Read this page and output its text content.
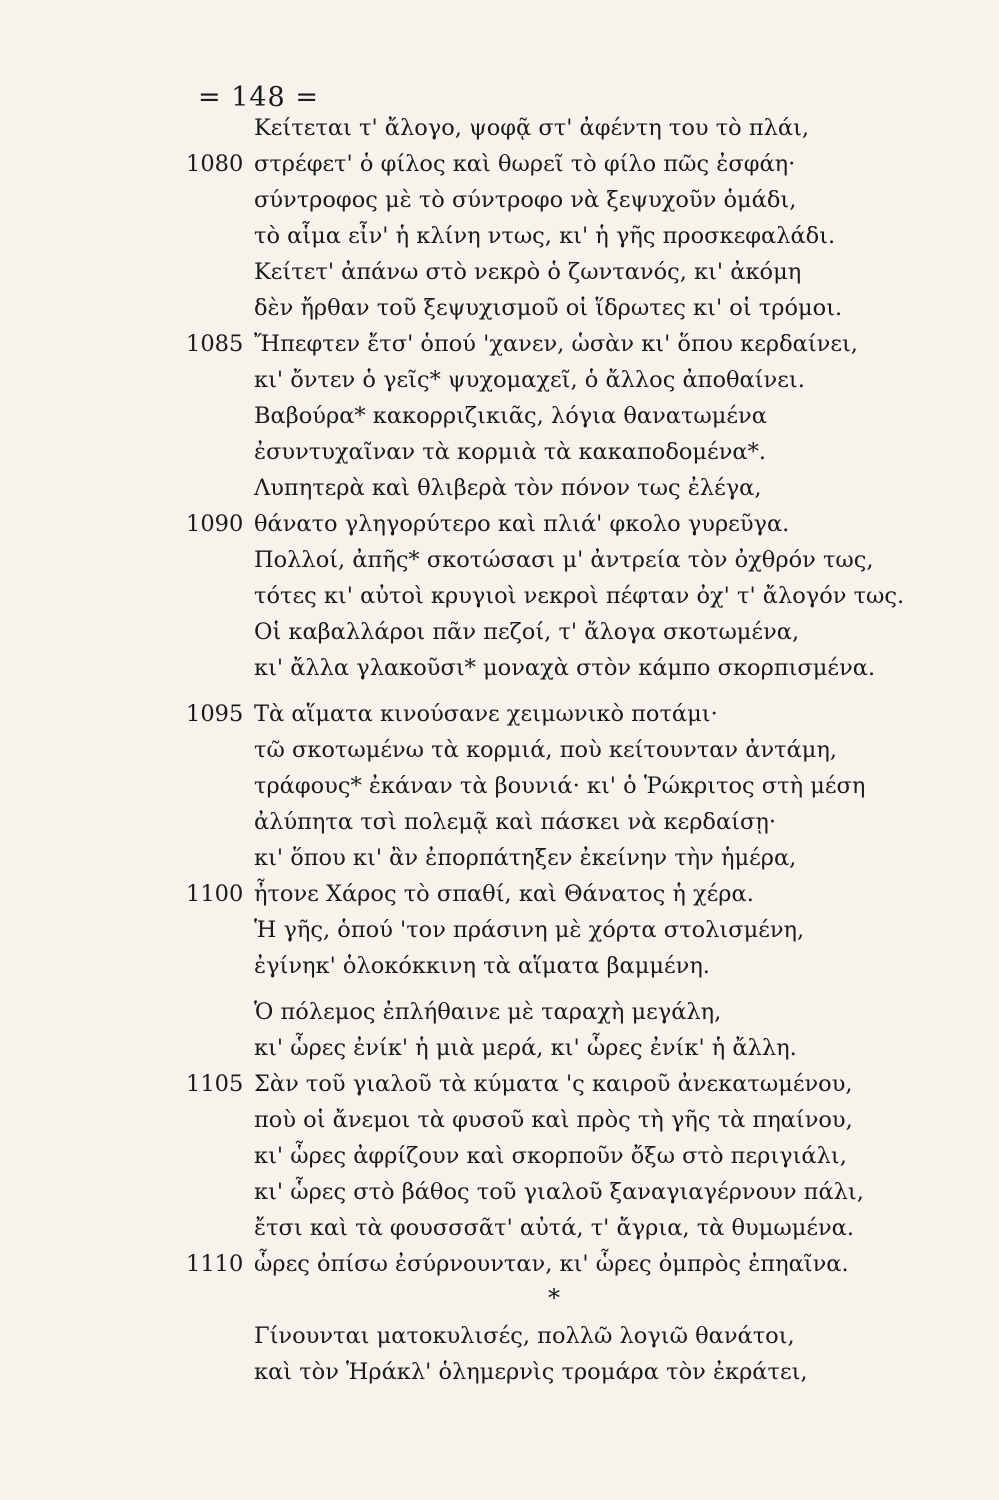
= 148 =
Κείτεται τ' ἄλογο, ψοφᾷ στ' ἀφέντη του τὸ πλάι,
1080 στρέφετ' ὁ φίλος καὶ θωρεῖ τὸ φίλο πῶς ἐσφάη·
σύντροφος μὲ τὸ σύντροφο νὰ ξεψυχοῦν ὁμάδι,
τὸ αἷμα εἶν' ἡ κλίνη ντως, κι' ἡ γῆς προσκεφαλάδι.
Κείτετ' ἀπάνω στὸ νεκρὸ ὁ ζωντανός, κι' ἀκόμη
δὲν ἤρθαν τοῦ ξεψυχισμοῦ οἱ ἵδρωτες κι' οἱ τρόμοι.
1085 Ἤπεφτεν ἔτσ' ὁπού 'χανεν, ὡσὰν κι' ὅπου κερδαίνει,
κι' ὄντεν ὁ γεῖς* ψυχομαχεῖ, ὁ ἄλλος ἀποθαίνει.
Βαβούρα* κακορριζικιᾶς, λόγια θανατωμένα
ἐσυντυχαῖναν τὰ κορμιὰ τὰ κακαποδομένα*.
Λυπητερὰ καὶ θλιβερὰ τὸν πόνον τως ἐλέγα,
1090 θάνατο γληγορύτερο καὶ πλιά' φκολο γυρεῦγα.
Πολλοί, ἀπῆς* σκοτώσασι μ' ἀντρεία τὸν ὀχθρόν τως,
τότες κι' αὐτοὶ κρυγιοὶ νεκροὶ πέφταν ὀχ' τ' ἄλογόν τως.
Οἱ καβαλλάροι πᾶν πεζοί, τ' ἄλογα σκοτωμένα,
κι' ἄλλα γλακοῦσι* μοναχὰ στὸν κάμπο σκορπισμένα.
1095 Τὰ αἵματα κινούσανε χειμωνικὸ ποτάμι·
τῶ σκοτωμένω τὰ κορμιά, ποὺ κείτουνταν ἀντάμη,
τράφους* ἐκάναν τὰ βουνιά· κι' ὁ Ῥώκριτος στὴ μέση
ἀλύπητα τσὶ πολεμᾷ καὶ πάσκει νὰ κερδαίσῃ·
κι' ὅπου κι' ἂν ἐπορπάτηξεν ἐκείνην τὴν ἡμέρα,
1100 ἦτονε Χάρος τὸ σπαθί, καὶ Θάνατος ἡ χέρα.
Ἡ γῆς, ὁπού 'τον πράσινη μὲ χόρτα στολισμένη,
ἐγίνηκ' ὁλοκόκκινη τὰ αἵματα βαμμένη.
Ὁ πόλεμος ἐπλήθαινε μὲ ταραχὴ μεγάλη,
κι' ὧρες ἐνίκ' ἡ μιὰ μερά, κι' ὧρες ἐνίκ' ἡ ἄλλη.
1105 Σὰν τοῦ γιαλοῦ τὰ κύματα 'ς καιροῦ ἀνεκατωμένου,
ποὺ οἱ ἄνεμοι τὰ φυσοῦ καὶ πρὸς τὴ γῆς τὰ πηαίνου,
κι' ὧρες ἀφρίζουν καὶ σκορποῦν ὄξω στὸ περιγιάλι,
κι' ὧρες στὸ βάθος τοῦ γιαλοῦ ξαναγιαγέρνουν πάλι,
ἔτσι καὶ τὰ φουσσσᾶτ' αὐτά, τ' ἄγρια, τὰ θυμωμένα.
1110 ὧρες ὀπίσω ἐσύρνουνταν, κι' ὧρες ὀμπρὸς ἐπηαῖνα.
*
Γίνουνται ματοκυλισές, πολλῶ λογιῶ θανάτοι,
καὶ τὸν Ἡράκλ' ὁλημερνὶς τρομάρα τὸν ἐκράτει,
